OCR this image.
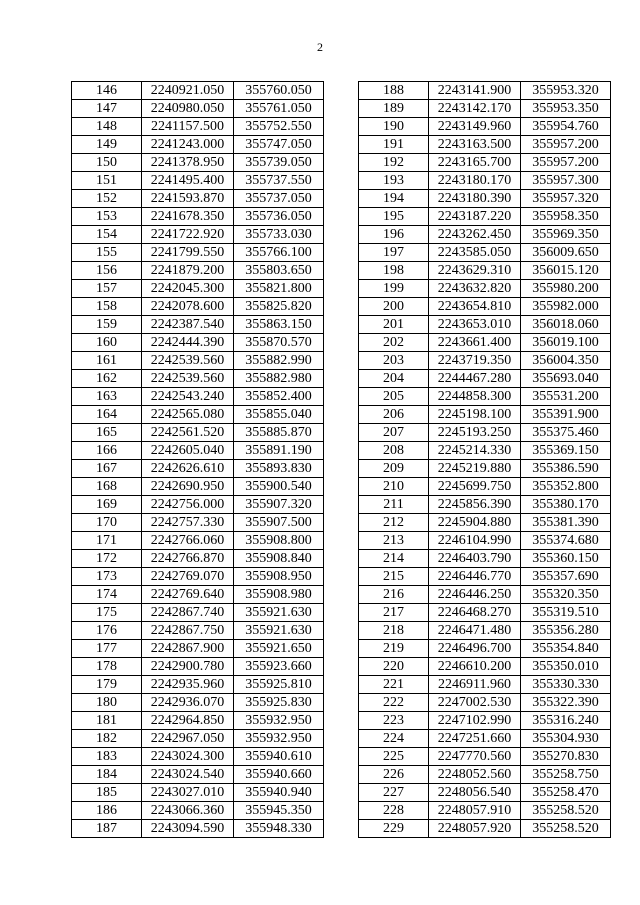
2
146	2240921.050	355760.050
147	2240980.050	355761.050
148	2241157.500	355752.550
149	2241243.000	355747.050
150	2241378.950	355739.050
151	2241495.400	355737.550
152	2241593.870	355737.050
153	2241678.350	355736.050
154	2241722.920	355733.030
155	2241799.550	355766.100
156	2241879.200	355803.650
157	2242045.300	355821.800
158	2242078.600	355825.820
159	2242387.540	355863.150
160	2242444.390	355870.570
161	2242539.560	355882.990
162	2242539.560	355882.980
163	2242543.240	355852.400
164	2242565.080	355855.040
165	2242561.520	355885.870
166	2242605.040	355891.190
167	2242626.610	355893.830
168	2242690.950	355900.540
169	2242756.000	355907.320
170	2242757.330	355907.500
171	2242766.060	355908.800
172	2242766.870	355908.840
173	2242769.070	355908.950
174	2242769.640	355908.980
175	2242867.740	355921.630
176	2242867.750	355921.630
177	2242867.900	355921.650
178	2242900.780	355923.660
179	2242935.960	355925.810
180	2242936.070	355925.830
181	2242964.850	355932.950
182	2242967.050	355932.950
183	2243024.300	355940.610
184	2243024.540	355940.660
185	2243027.010	355940.940
186	2243066.360	355945.350
187	2243094.590	355948.330
188	2243141.900	355953.320
189	2243142.170	355953.350
190	2243149.960	355954.760
191	2243163.500	355957.200
192	2243165.700	355957.200
193	2243180.170	355957.300
194	2243180.390	355957.320
195	2243187.220	355958.350
196	2243262.450	355969.350
197	2243585.050	356009.650
198	2243629.310	356015.120
199	2243632.820	355980.200
200	2243654.810	355982.000
201	2243653.010	356018.060
202	2243661.400	356019.100
203	2243719.350	356004.350
204	2244467.280	355693.040
205	2244858.300	355531.200
206	2245198.100	355391.900
207	2245193.250	355375.460
208	2245214.330	355369.150
209	2245219.880	355386.590
210	2245699.750	355352.800
211	2245856.390	355380.170
212	2245904.880	355381.390
213	2246104.990	355374.680
214	2246403.790	355360.150
215	2246446.770	355357.690
216	2246446.250	355320.350
217	2246468.270	355319.510
218	2246471.480	355356.280
219	2246496.700	355354.840
220	2246610.200	355350.010
221	2246911.960	355330.330
222	2247002.530	355322.390
223	2247102.990	355316.240
224	2247251.660	355304.930
225	2247770.560	355270.830
226	2248052.560	355258.750
227	2248056.540	355258.470
228	2248057.910	355258.520
229	2248057.920	355258.520
